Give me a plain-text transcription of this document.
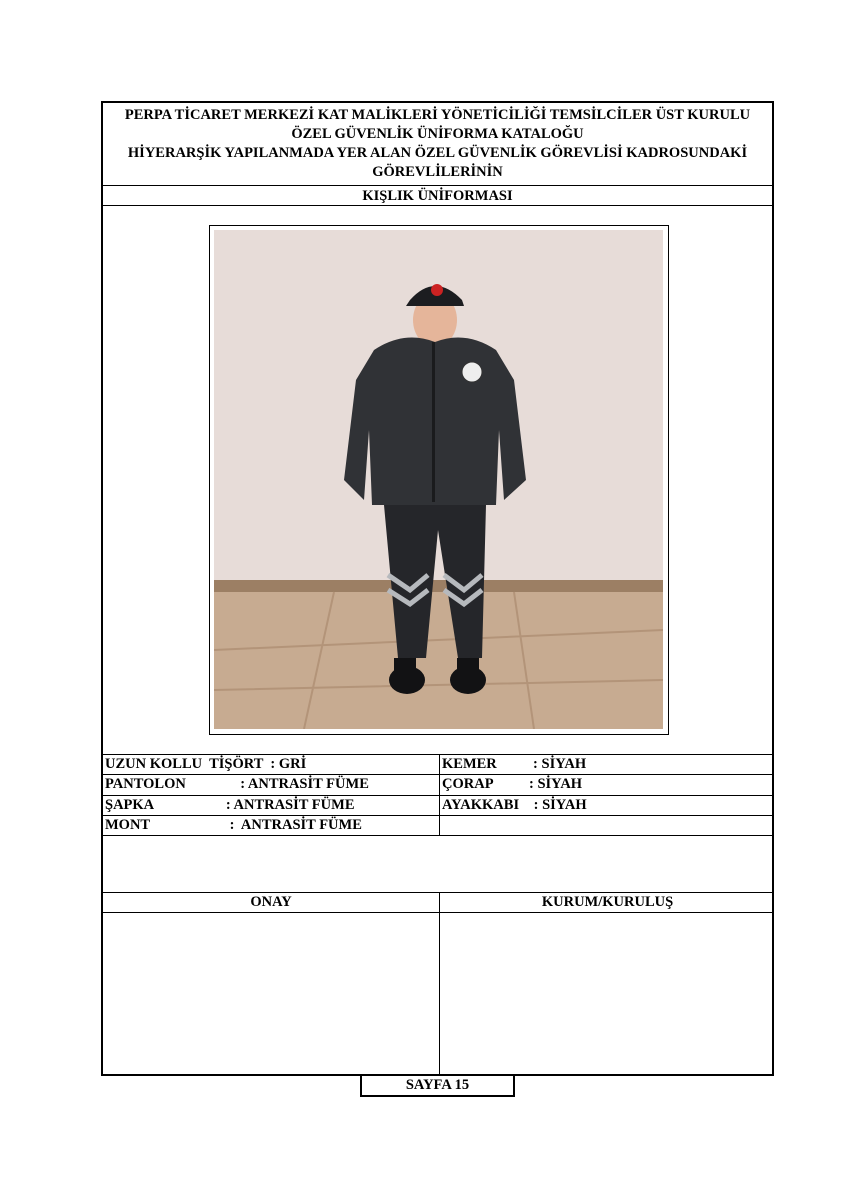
PERPA TİCARET MERKEZİ KAT MALİKLERİ YÖNETİCİLİĞİ TEMSİLCİLER ÜST KURULU
ÖZEL GÜVENLİK ÜNİFORMA KATALOĞU
HİYERARŞİK YAPILANMADA YER ALAN ÖZEL GÜVENLİK GÖREVLİSİ KADROSUNDAKİ
GÖREVLİLERİNİN
KIŞLIK ÜNİFORMASI
UZUN KOLLU  TİŞÖRT  : GRİ
PANTOLON               : ANTRASİT FÜME
ŞAPKA                    : ANTRASİT FÜME
MONT                      :  ANTRASİT FÜME
KEMER          : SİYAH
ÇORAP          : SİYAH
AYAKKABI    : SİYAH
ONAY	KURUM/KURULUŞ
SAYFA 15
